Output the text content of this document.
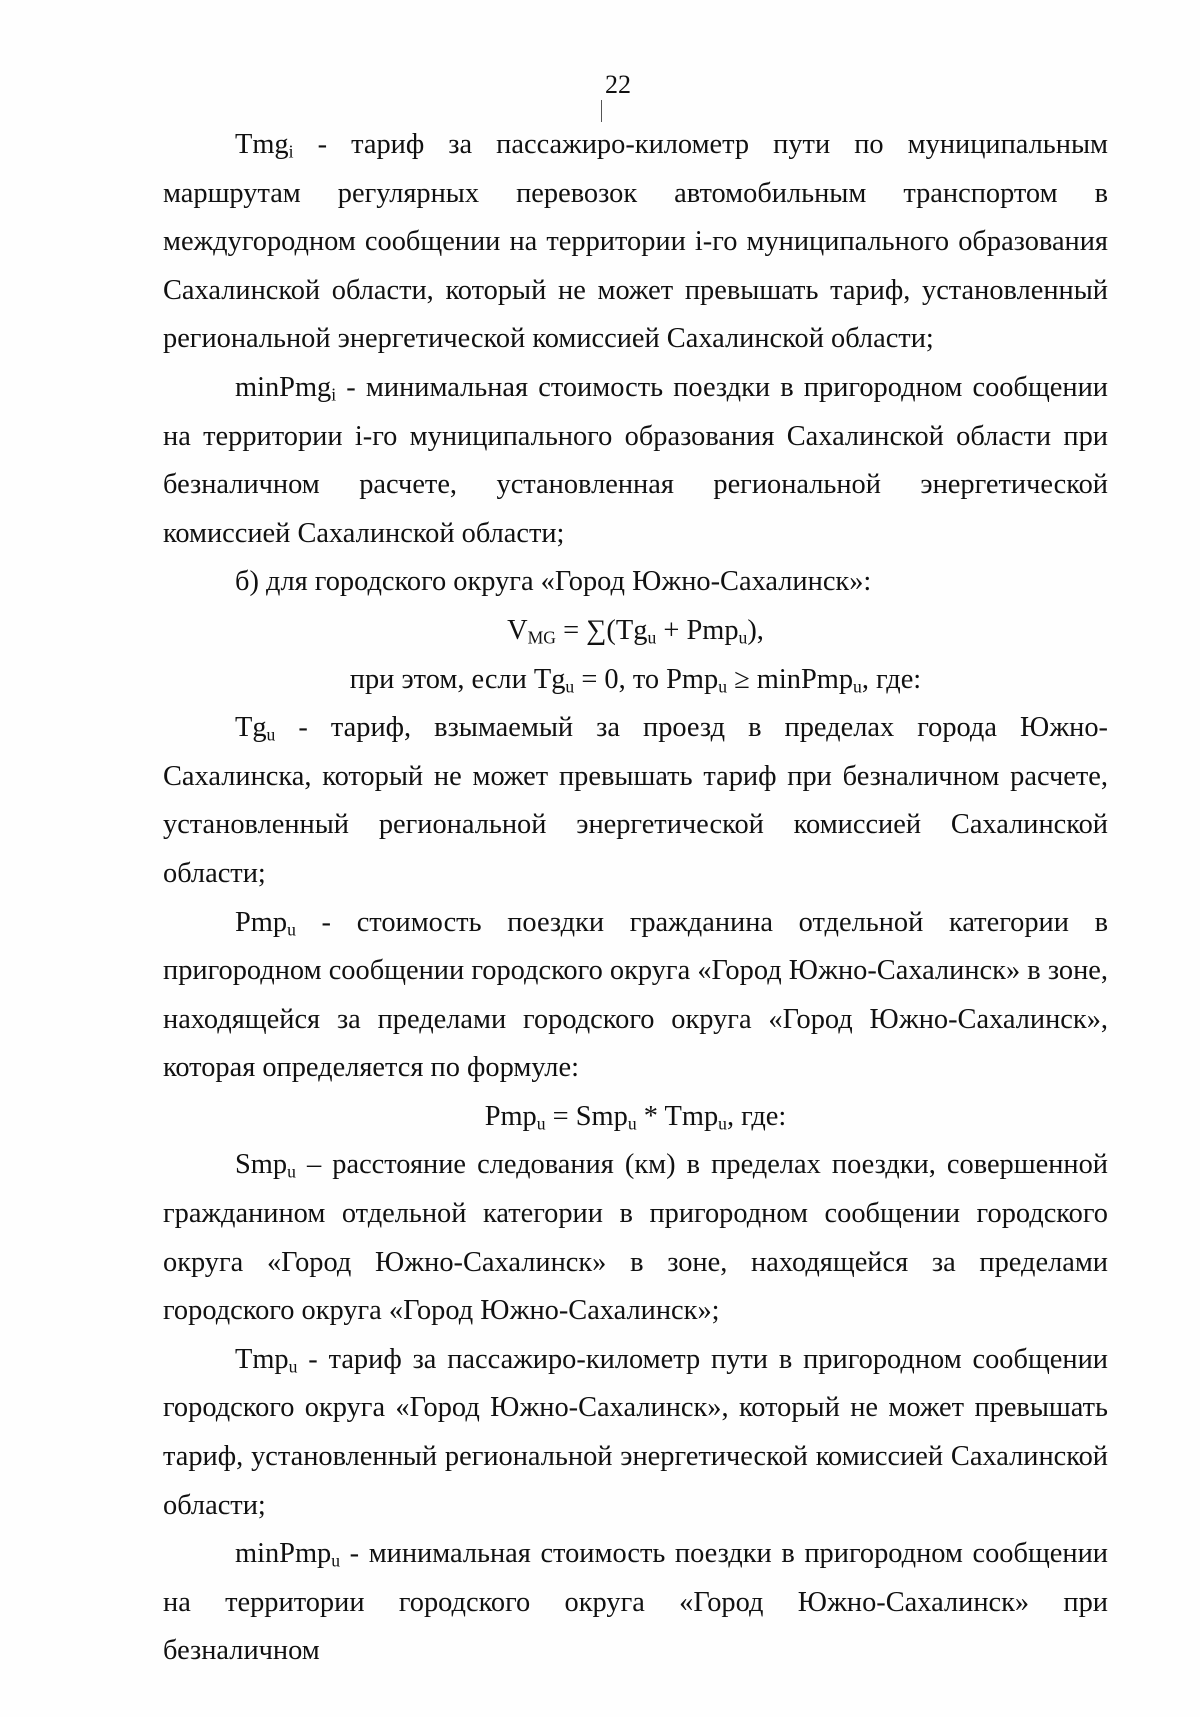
22

Tmg$_i$ - тариф за пассажиро-километр пути по муниципальным маршрутам регулярных перевозок автомобильным транспортом в междугородном сообщении на территории i-го муниципального образования Сахалинской области, который не может превышать тариф, установленный региональной энергетической комиссией Сахалинской области;

minPmg$_i$ - минимальная стоимость поездки в пригородном сообщении на территории i-го муниципального образования Сахалинской области при безналичном расчете, установленная региональной энергетической комиссией Сахалинской области;

б) для городского округа «Город Южно-Сахалинск»:

$V_{MG} = \sum(Tg_u + Pmp_u)$,

при этом, если $Tg_u = 0$, то Pmp$_u$ ≥ minPmp$_u$, где:

$Tg_u$ - тариф, взымаемый за проезд в пределах города Южно-Сахалинска, который не может превышать тариф при безналичном расчете, установленный региональной энергетической комиссией Сахалинской области;

Pmp$_u$ - стоимость поездки гражданина отдельной категории в пригородном сообщении городского округа «Город Южно-Сахалинск» в зоне, находящейся за пределами городского округа «Город Южно-Сахалинск», которая определяется по формуле:

Pmp$_u$ = Smp$_u$ * Tmp$_u$, где:

Smp$_u$ – расстояние следования (км) в пределах поездки, совершенной гражданином отдельной категории в пригородном сообщении городского округа «Город Южно-Сахалинск» в зоне, находящейся за пределами городского округа «Город Южно-Сахалинск»;

Tmp$_u$ - тариф за пассажиро-километр пути в пригородном сообщении городского округа «Город Южно-Сахалинск», который не может превышать тариф, установленный региональной энергетической комиссией Сахалинской области;

minPmp$_u$ - минимальная стоимость поездки в пригородном сообщении на территории городского округа «Город Южно-Сахалинск» при безналичном
